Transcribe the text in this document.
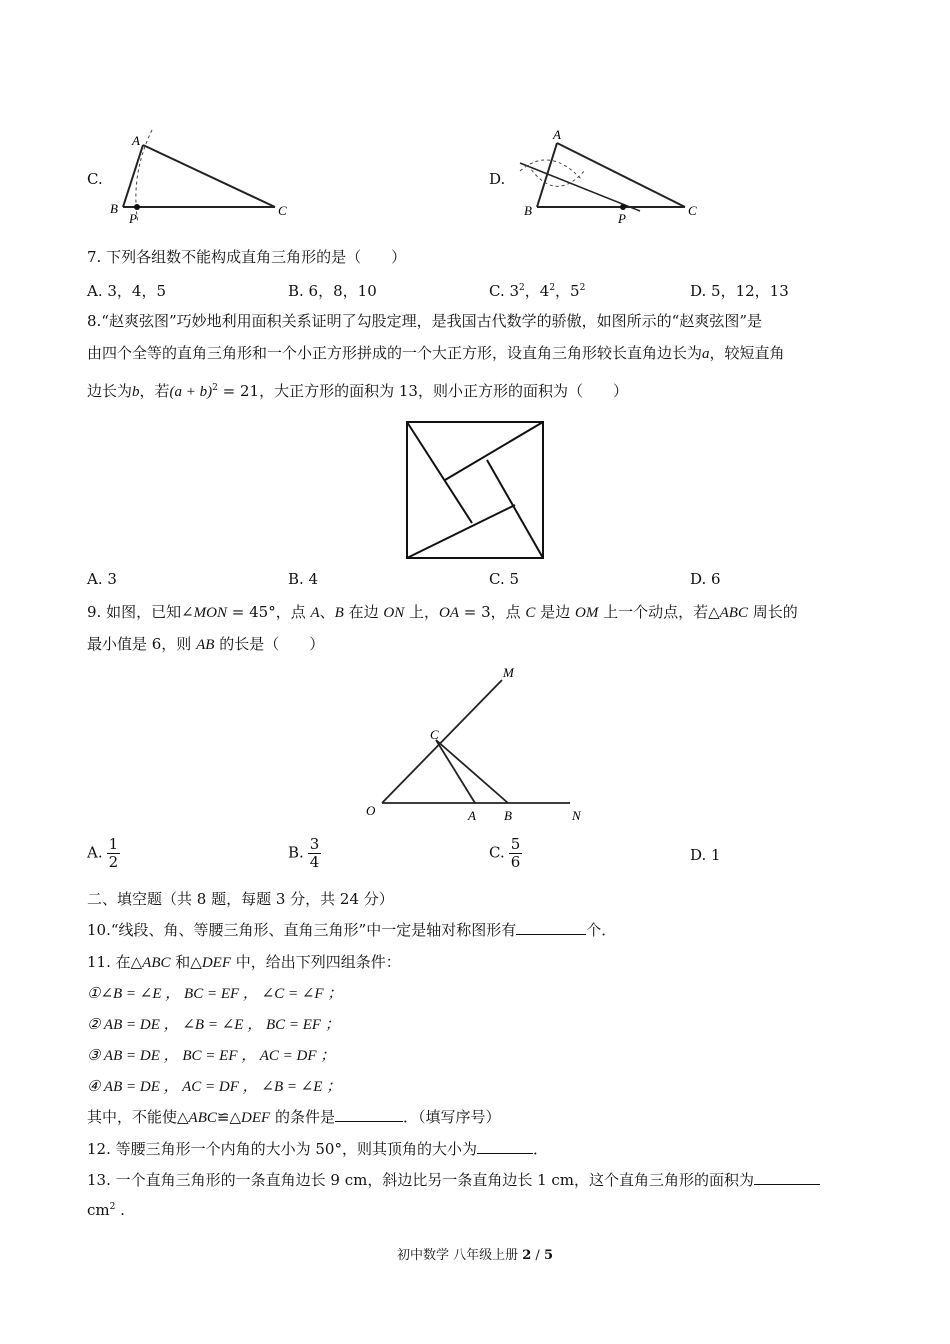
C.
A
B
P
C
D.
A
B
P
C
7. 下列各组数不能构成直角三角形的是（　　）
A. 3，4，5	B. 6，8，10	C. $3^2$，$4^2$，$5^2$	D. 5，12，13
8.“赵爽弦图”巧妙地利用面积关系证明了勾股定理，是我国古代数学的骄傲，如图所示的“赵爽弦图”是
由四个全等的直角三角形和一个小正方形拼成的一个大正方形，设直角三角形较长直角边长为a，较短直角
边长为b，若$(a + b)^2 = 21$，大正方形的面积为 13，则小正方形的面积为（　　）
A. 3	B. 4	C. 5	D. 6
9. 如图，已知∠MON = 45°，点 A、B 在边 ON 上，OA = 3，点 C 是边 OM 上一个动点，若△ABC 周长的
最小值是 6，则 AB 的长是（　　）
M
C
O	A B	N
A. $\frac{1}{2}$	B. $\frac{3}{4}$	C. $\frac{5}{6}$	D. 1
二、填空题（共 8 题，每题 3 分，共 24 分）
10.“线段、角、等腰三角形、直角三角形”中一定是轴对称图形有	个．
11. 在△ABC 和△DEF 中，给出下列四组条件：
①∠B = ∠E ， BC = EF ， ∠C = ∠F ；
② AB = DE ， ∠B = ∠E ， BC = EF ；
③ AB = DE ， BC = EF ， AC = DF ；
④ AB = DE ， AC = DF ， ∠B = ∠E ；
其中，不能使△ABC≌△DEF 的条件是	．（填写序号）
12. 等腰三角形一个内角的大小为 50°，则其顶角的大小为	．
13. 一个直角三角形的一条直角边长 9 cm，斜边比另一条直角边长 1 cm，这个直角三角形的面积为
$cm^2$ .
初中数学 八年级上册 2 / 5
